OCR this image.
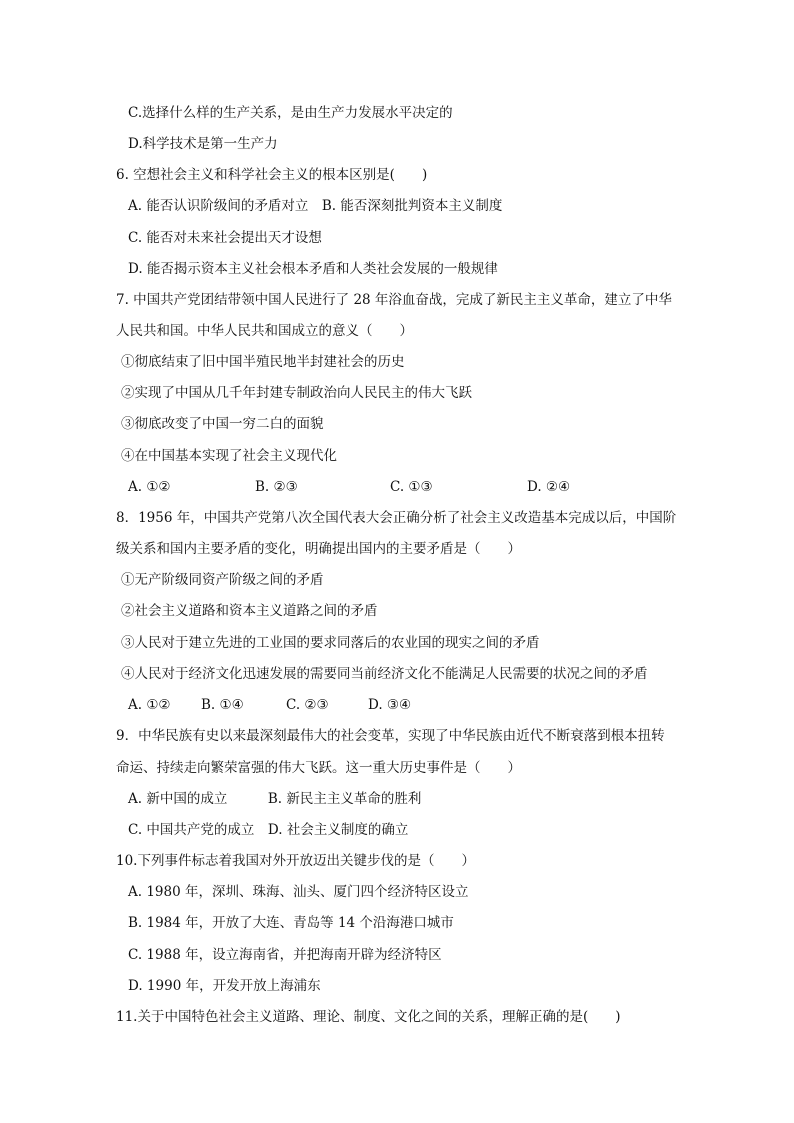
C.选择什么样的生产关系，是由生产力发展水平决定的
D.科学技术是第一生产力
6. 空想社会主义和科学社会主义的根本区别是(　　)
A. 能否认识阶级间的矛盾对立　B. 能否深刻批判资本主义制度
C. 能否对未来社会提出天才设想
D. 能否揭示资本主义社会根本矛盾和人类社会发展的一般规律
7. 中国共产党团结带领中国人民进行了 28 年浴血奋战，完成了新民主主义革命，建立了中华
人民共和国。中华人民共和国成立的意义（　　）
①彻底结束了旧中国半殖民地半封建社会的历史
②实现了中国从几千年封建专制政治向人民民主的伟大飞跃
③彻底改变了中国一穷二白的面貌
④在中国基本实现了社会主义现代化
A. ①②	B. ②③	C. ①③	D. ②④
8．1956 年，中国共产党第八次全国代表大会正确分析了社会主义改造基本完成以后，中国阶
级关系和国内主要矛盾的变化，明确提出国内的主要矛盾是（　　）
①无产阶级同资产阶级之间的矛盾
②社会主义道路和资本主义道路之间的矛盾
③人民对于建立先进的工业国的要求同落后的农业国的现实之间的矛盾
④人民对于经济文化迅速发展的需要同当前经济文化不能满足人民需要的状况之间的矛盾
A. ①② B. ①④	C. ②③	D. ③④
9．中华民族有史以来最深刻最伟大的社会变革，实现了中华民族由近代不断衰落到根本扭转
命运、持续走向繁荣富强的伟大飞跃。这一重大历史事件是（　　）
A. 新中国的成立　　　B. 新民主主义革命的胜利
C. 中国共产党的成立　D. 社会主义制度的确立
10.下列事件标志着我国对外开放迈出关键步伐的是（　　）
A. 1980 年，深圳、珠海、汕头、厦门四个经济特区设立
B. 1984 年，开放了大连、青岛等 14 个沿海港口城市
C. 1988 年，设立海南省，并把海南开辟为经济特区
D. 1990 年，开发开放上海浦东
11.关于中国特色社会主义道路、理论、制度、文化之间的关系，理解正确的是(　　)
